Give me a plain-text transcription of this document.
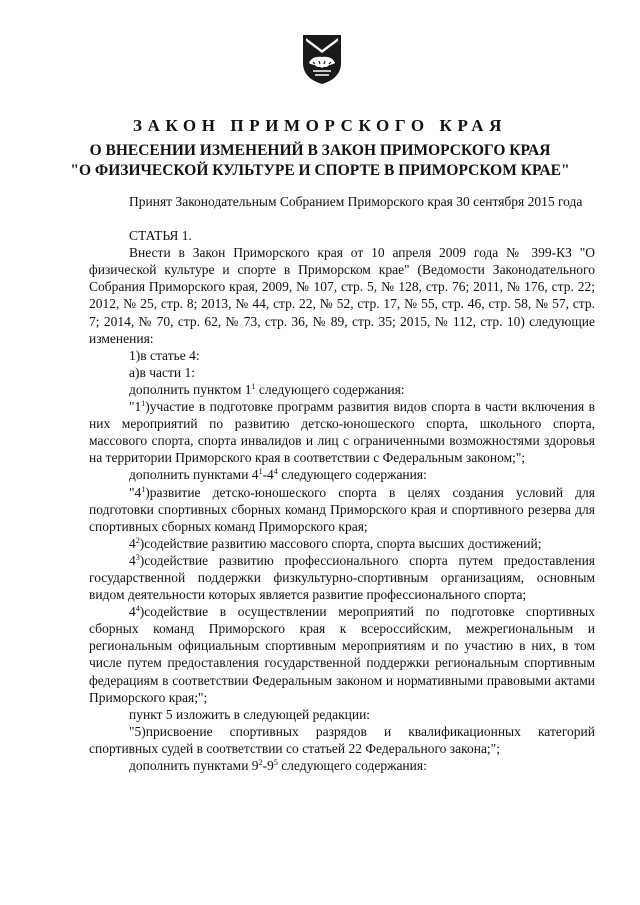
ЗАКОН ПРИМОРСКОГО КРАЯ
О ВНЕСЕНИИ ИЗМЕНЕНИЙ В ЗАКОН ПРИМОРСКОГО КРАЯ
"О ФИЗИЧЕСКОЙ КУЛЬТУРЕ И СПОРТЕ В ПРИМОРСКОМ КРАЕ"

Принят Законодательным Собранием Приморского края 30 сентября 2015 года

СТАТЬЯ 1.

Внести в Закон Приморского края от 10 апреля 2009 года № 399-КЗ "О физической культуре и спорте в Приморском крае" (Ведомости Законодательного Собрания Приморского края, 2009, № 107, стр. 5, № 128, стр. 76; 2011, № 176, стр. 22; 2012, № 25, стр. 8; 2013, № 44, стр. 22, № 52, стр. 17, № 55, стр. 46, стр. 58, № 57, стр. 7; 2014, № 70, стр. 62, № 73, стр. 36, № 89, стр. 35; 2015, № 112, стр. 10) следующие изменения:

1)в статье 4:

а)в части 1:

дополнить пунктом $1^1$ следующего содержания:

"$1^1)участие$ в подготовке программ развития видов спорта в части включения в них мероприятий по развитию детско-юношеского спорта, школьного спорта, массового спорта, спорта инвалидов и лиц с ограниченными возможностями здоровья на территории Приморского края в соответствии с Федеральным законом;";

дополнить пунктами $4^1-4^4$ следующего содержания:

"$4^1)развитие$ детско-юношеского спорта в целях создания условий для подготовки спортивных сборных команд Приморского края и спортивного резерва для спортивных сборных команд Приморского края;

$4^2)содействие$ развитию массового спорта, спорта высших достижений;

$4^3)содействие$ развитию профессионального спорта путем предоставления государственной поддержки физкультурно-спортивным организациям, основным видом деятельности которых является развитие профессионального спорта;

$4^4)содействие$ в осуществлении мероприятий по подготовке спортивных сборных команд Приморского края к всероссийским, межрегиональным и региональным официальным спортивным мероприятиям и по участию в них, в том числе путем предоставления государственной поддержки региональным спортивным федерациям в соответствии Федеральным законом и нормативными правовыми актами Приморского края;";

пункт 5 изложить в следующей редакции:

"5)присвоение спортивных разрядов и квалификационных категорий спортивных судей в соответствии со статьей 22 Федерального закона;";

дополнить пунктами $9^2-9^5$ следующего содержания:
